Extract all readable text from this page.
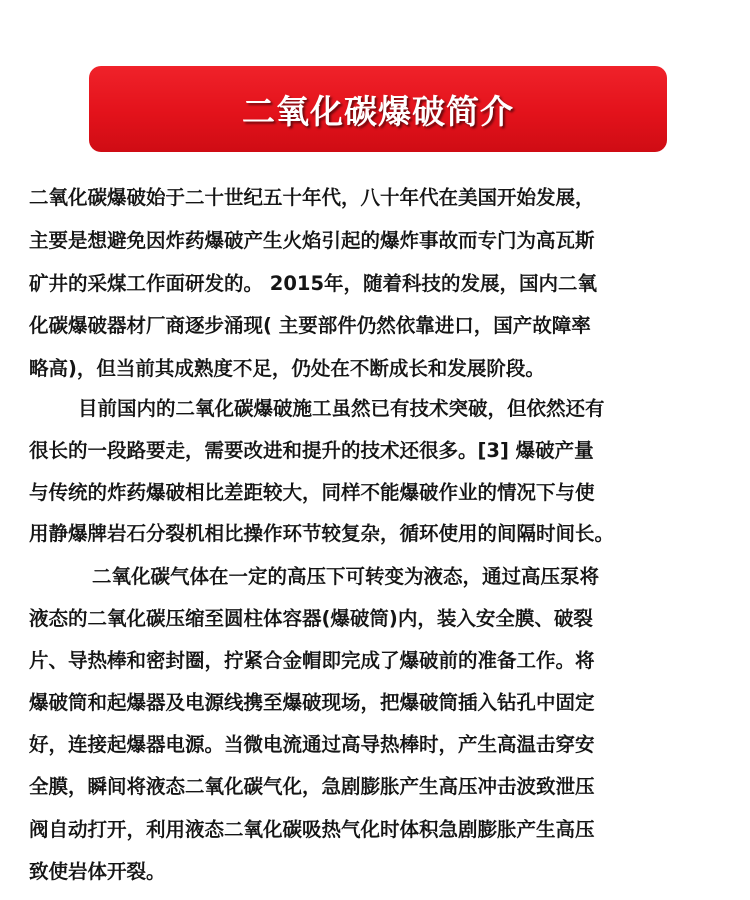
二氧化碳爆破简介
二氧化碳爆破始于二十世纪五十年代，八十年代在美国开始发展，
主要是想避免因炸药爆破产生火焰引起的爆炸事故而专门为高瓦斯
矿井的采煤工作面研发的。 2015年，随着科技的发展，国内二氧
化碳爆破器材厂商逐步涌现( 主要部件仍然依靠进口，国产故障率
略高)，但当前其成熟度不足，仍处在不断成长和发展阶段。
目前国内的二氧化碳爆破施工虽然已有技术突破，但依然还有
很长的一段路要走，需要改进和提升的技术还很多。[3] 爆破产量
与传统的炸药爆破相比差距较大，同样不能爆破作业的情况下与使
用静爆牌岩石分裂机相比操作环节较复杂，循环使用的间隔时间长。
二氧化碳气体在一定的高压下可转变为液态，通过高压泵将
液态的二氧化碳压缩至圆柱体容器(爆破筒)内，装入安全膜、破裂
片、导热棒和密封圈，拧紧合金帽即完成了爆破前的准备工作。将
爆破筒和起爆器及电源线携至爆破现场，把爆破筒插入钻孔中固定
好，连接起爆器电源。当微电流通过高导热棒时，产生高温击穿安
全膜，瞬间将液态二氧化碳气化，急剧膨胀产生高压冲击波致泄压
阀自动打开，利用液态二氧化碳吸热气化时体积急剧膨胀产生高压
致使岩体开裂。
